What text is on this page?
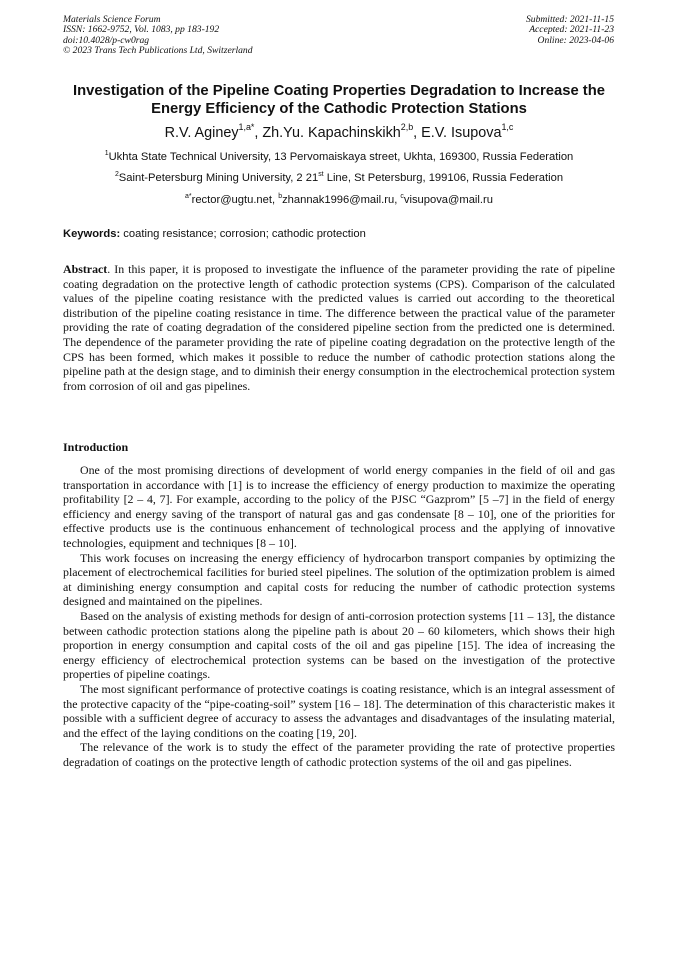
Materials Science Forum
ISSN: 1662-9752, Vol. 1083, pp 183-192
doi:10.4028/p-cw0rag
© 2023 Trans Tech Publications Ltd, Switzerland
Submitted: 2021-11-15
Accepted: 2021-11-23
Online: 2023-04-06
Investigation of the Pipeline Coating Properties Degradation to Increase the Energy Efficiency of the Cathodic Protection Stations
R.V. Aginey$^{1,a*}$, Zh.Yu. Kapachinskikh$^{2,b}$, E.V. Isupova$^{1,c}$
$^1$Ukhta State Technical University, 13 Pervomaiskaya street, Ukhta, 169300, Russia Federation
$^2$Saint-Petersburg Mining University, 2 21st Line, St Petersburg, 199106, Russia Federation
$^{a*}$rector@ugtu.net, $^b$zhannak1996@mail.ru, $^c$visupova@mail.ru
Keywords: coating resistance; corrosion; cathodic protection
Abstract. In this paper, it is proposed to investigate the influence of the parameter providing the rate of pipeline coating degradation on the protective length of cathodic protection systems (CPS). Comparison of the calculated values of the pipeline coating resistance with the predicted values is carried out according to the theoretical distribution of the pipeline coating resistance in time. The difference between the practical value of the parameter providing the rate of coating degradation of the considered pipeline section from the predicted one is determined. The dependence of the parameter providing the rate of pipeline coating degradation on the protective length of the CPS has been formed, which makes it possible to reduce the number of cathodic protection stations along the pipeline path at the design stage, and to diminish their energy consumption in the electrochemical protection system from corrosion of oil and gas pipelines.
Introduction

One of the most promising directions of development of world energy companies in the field of oil and gas transportation in accordance with [1] is to increase the efficiency of energy production to maximize the operating profitability [2 – 4, 7]. For example, according to the policy of the PJSC “Gazprom” [5 –7] in the field of energy efficiency and energy saving of the transport of natural gas and gas condensate [8 – 10], one of the priorities for effective products use is the continuous enhancement of technological process and the applying of innovative technologies, equipment and techniques [8 – 10].

This work focuses on increasing the energy efficiency of hydrocarbon transport companies by optimizing the placement of electrochemical facilities for buried steel pipelines. The solution of the optimization problem is aimed at diminishing energy consumption and capital costs for reducing the number of cathodic protection systems designed and maintained on the pipelines.

Based on the analysis of existing methods for design of anti-corrosion protection systems [11 – 13], the distance between cathodic protection stations along the pipeline path is about 20 – 60 kilometers, which shows their high proportion in energy consumption and capital costs of the oil and gas pipeline [15]. The idea of increasing the energy efficiency of electrochemical protection systems can be based on the investigation of the protective properties of pipeline coatings.

The most significant performance of protective coatings is coating resistance, which is an integral assessment of the protective capacity of the “pipe-coating-soil” system [16 – 18]. The determination of this characteristic makes it possible with a sufficient degree of accuracy to assess the advantages and disadvantages of the insulating material, and the effect of the laying conditions on the coating [19, 20].

The relevance of the work is to study the effect of the parameter providing the rate of protective properties degradation of coatings on the protective length of cathodic protection systems of the oil and gas pipelines.
